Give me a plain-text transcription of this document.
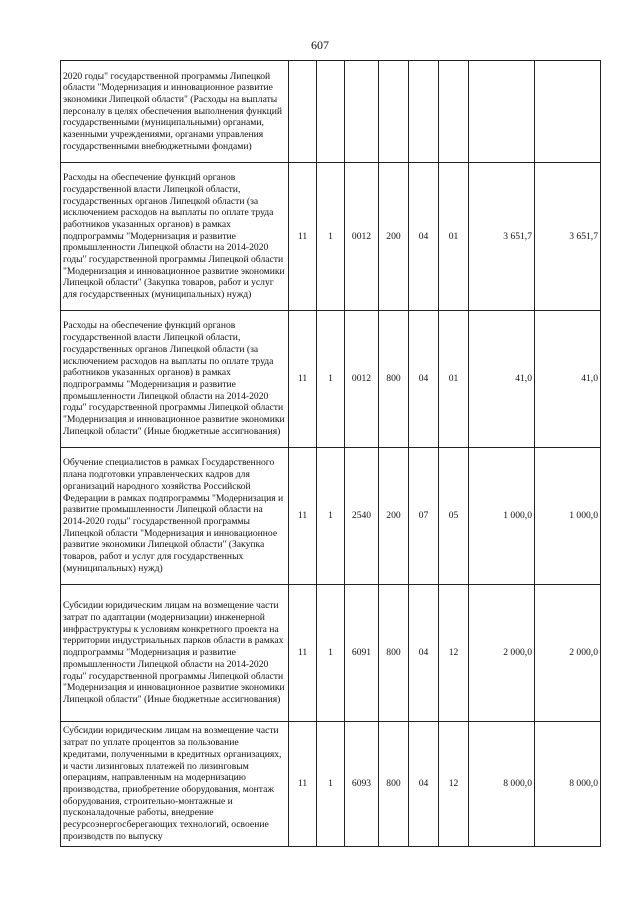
607
2020 годы" государственной программы Липецкой области "Модернизация и инновационное развитие экономики Липецкой области" (Расходы на выплаты персоналу в целях обеспечения выполнения функций государственными (муниципальными) органами, казенными учреждениями, органами управления государственными внебюджетными фондами)								
Расходы на обеспечение функций органов государственной власти Липецкой области, государственных органов Липецкой области (за исключением расходов на выплаты по оплате труда работников указанных органов) в рамках подпрограммы "Модернизация и развитие промышленности Липецкой области на 2014-2020 годы" государственной программы Липецкой области "Модернизация и инновационное развитие экономики Липецкой области" (Закупка товаров, работ и услуг для государственных (муниципальных) нужд)	11	1	0012	200	04	01	3 651,7	3 651,7
Расходы на обеспечение функций органов государственной власти Липецкой области, государственных органов Липецкой области (за исключением расходов на выплаты по оплате труда работников указанных органов) в рамках подпрограммы "Модернизация и развитие промышленности Липецкой области на 2014-2020 годы" государственной программы Липецкой области "Модернизация и инновационное развитие экономики Липецкой области" (Иные бюджетные ассигнования)	11	1	0012	800	04	01	41,0	41,0
Обучение специалистов в рамках Государственного плана подготовки управленческих кадров для организаций народного хозяйства Российской Федерации в рамках подпрограммы "Модернизация и развитие промышленности Липецкой области на 2014-2020 годы" государственной программы Липецкой области "Модернизация и инновационное развитие экономики Липецкой области" (Закупка товаров, работ и услуг для государственных (муниципальных) нужд)	11	1	2540	200	07	05	1 000,0	1 000,0
Субсидии юридическим лицам на возмещение части затрат по адаптации (модернизации) инженерной инфраструктуры к условиям конкретного проекта на территории индустриальных парков области в рамках подпрограммы "Модернизация и развитие промышленности Липецкой области на 2014-2020 годы" государственной программы Липецкой области "Модернизация и инновационное развитие экономики Липецкой области" (Иные бюджетные ассигнования)	11	1	6091	800	04	12	2 000,0	2 000,0
Субсидии юридическим лицам на возмещение части затрат по уплате процентов за пользование кредитами, полученными в кредитных организациях, и части лизинговых платежей по лизинговым операциям, направленным на модернизацию производства, приобретение оборудования, монтаж оборудования, строительно-монтажные и пусконаладочные работы, внедрение ресурсоэнергосберегающих технологий, освоение производств по выпуску	11	1	6093	800	04	12	8 000,0	8 000,0
